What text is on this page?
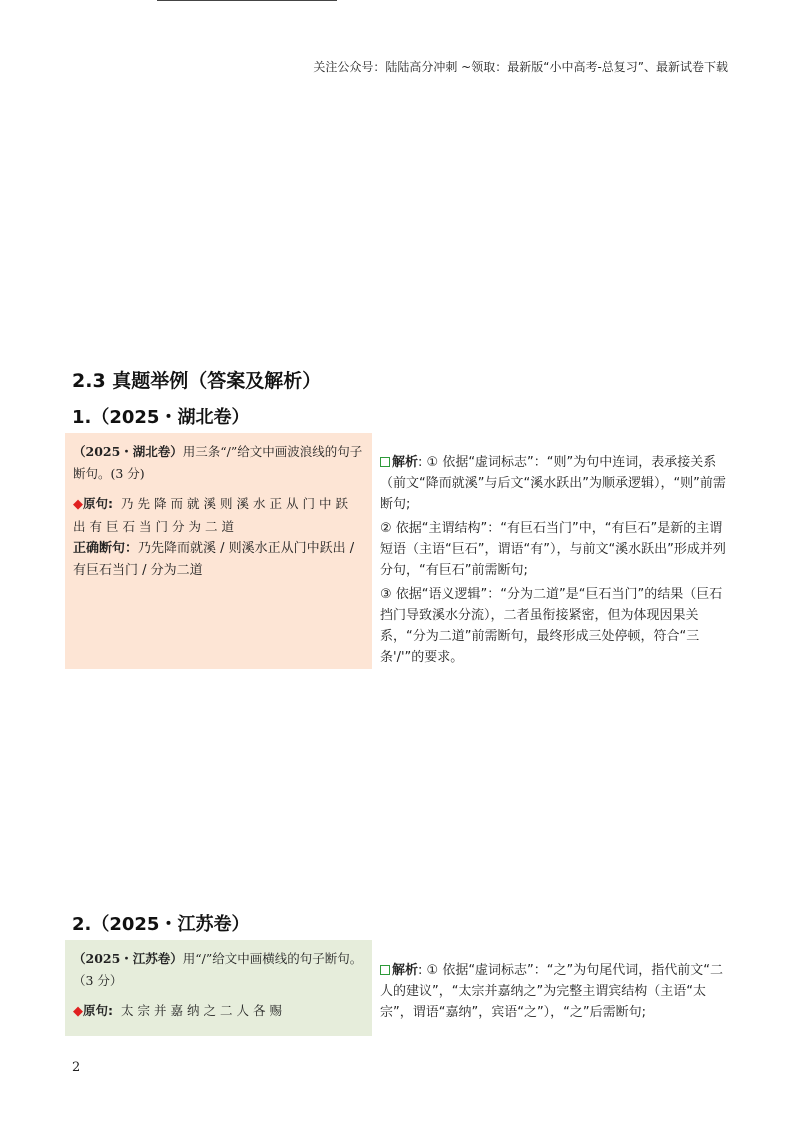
关注公众号：陆陆高分冲刺 ~领取：最新版“小中高考-总复习”、最新试卷下载
2.3 真题举例（答案及解析）
1.（2025・湖北卷）
（2025・湖北卷）用三条“/”给文中画波浪线的句子断句。(3 分)
◆原句: 乃先降而就溪则溪水正从门中跃出有巨石当门分为二道
正确断句：乃先降而就溪 / 则溪水正从门中跃出 / 有巨石当门 / 分为二道

解析: ① 依据“虚词标志”：“则”为句中连词，表承接关系（前文“降而就溪”与后文“溪水跃出”为顺承逻辑），“则”前需断句;

② 依据“主谓结构”：“有巨石当门”中，“有巨石”是新的主谓短语（主语“巨石”，谓语“有”），与前文“溪水跃出”形成并列分句，“有巨石”前需断句;

③ 依据“语义逻辑”：“分为二道”是“巨石当门”的结果（巨石挡门导致溪水分流），二者虽衔接紧密，但为体现因果关系，“分为二道”前需断句，最终形成三处停顿，符合“三条'/'”的要求。

2.（2025・江苏卷）
（2025・江苏卷）用“/”给文中画横线的句子断句。（3 分）
◆原句: 太宗并嘉纳之二人各赐

解析: ① 依据“虚词标志”：“之”为句尾代词，指代前文“二人的建议”，“太宗并嘉纳之”为完整主谓宾结构（主语“太宗”，谓语“嘉纳”，宾语“之”），“之”后需断句;

2
